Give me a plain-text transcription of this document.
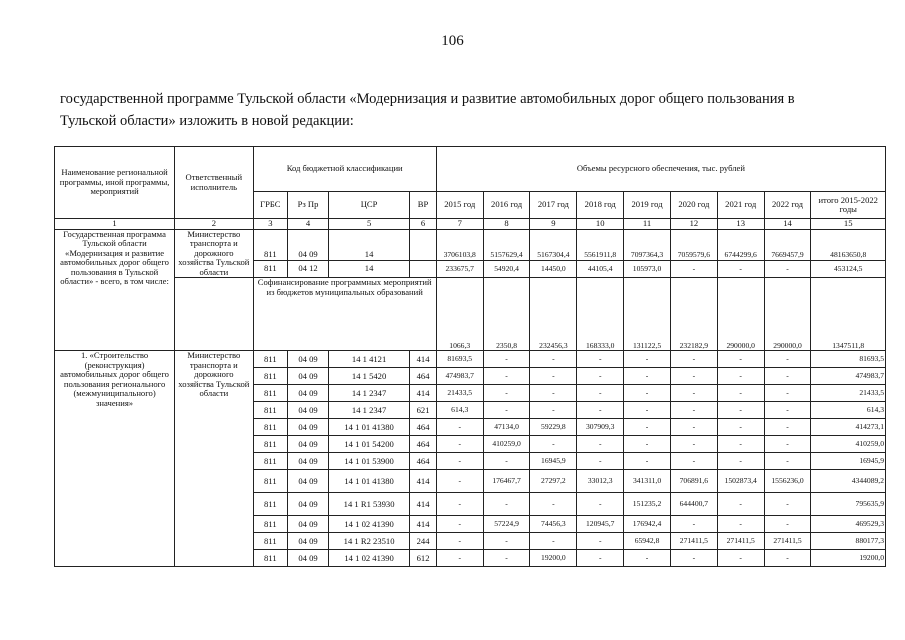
106
государственной программе Тульской области «Модернизация и развитие автомобильных дорог общего пользования в Тульской области» изложить в новой редакции:
Наименование региональной программы, иной программы, мероприятий	Ответственный исполнитель	Код бюджетной классификации				Объемы ресурсного обеспечения, тыс. рублей								
		ГРБС	Рз Пр	ЦСР	ВР	2015 год	2016 год	2017 год	2018 год	2019 год	2020 год	2021 год	2022 год	итого 2015-2022 годы
1	2	3	4	5	6	7	8	9	10	11	12	13	14	15
Государственная программа Тульской области «Модернизация и развитие автомобильных дорог общего пользования в Тульской области» - всего, в том числе:	Министерство транспорта и дорожного хозяйства Тульской области	811	04 09	14		3706103,8	5157629,4	5167304,4	5561911,8	7097364,3	7059579,6	6744299,6	7669457,9	48163650,8
		811	04 12	14		233675,7	54920,4	14450,0	44105,4	105973,0	-	-	-	453124,5
		Софинансирование программных мероприятий из бюджетов муниципальных образований				1066,3	2350,8	232456,3	168333,0	131122,5	232182,9	290000,0	290000,0	1347511,8
1. «Строительство (реконструкция) автомобильных дорог общего пользования регионального (межмуниципального) значения»	Министерство транспорта и дорожного хозяйства Тульской области	811	04 09	14 1 4121	414	81693,5	-	-	-	-	-	-	-	81693,5
		811	04 09	14 1 5420	464	474983,7	-	-	-	-	-	-	-	474983,7
		811	04 09	14 1 2347	414	21433,5	-	-	-	-	-	-	-	21433,5
		811	04 09	14 1 2347	621	614,3	-	-	-	-	-	-	-	614,3
		811	04 09	14 1 01 41380	464	-	47134,0	59229,8	307909,3	-	-	-	-	414273,1
		811	04 09	14 1 01 54200	464	-	410259,0	-	-	-	-	-	-	410259,0
		811	04 09	14 1 01 53900	464	-	-	16945,9	-	-	-	-	-	16945,9
		811	04 09	14 1 01 41380	414	-	176467,7	27297,2	33012,3	341311,0	706891,6	1502873,4	1556236,0	4344089,2
		811	04 09	14 1 R1 53930	414	-	-	-	-	151235,2	644400,7	-	-	795635,9
		811	04 09	14 1 02 41390	414	-	57224,9	74456,3	120945,7	176942,4	-	-	-	469529,3
		811	04 09	14 1 R2 23510	244	-	-	-	-	65942,8	271411,5	271411,5	271411,5	880177,3
		811	04 09	14 1 02 41390	612	-	-	19200,0	-	-	-	-	-	19200,0
